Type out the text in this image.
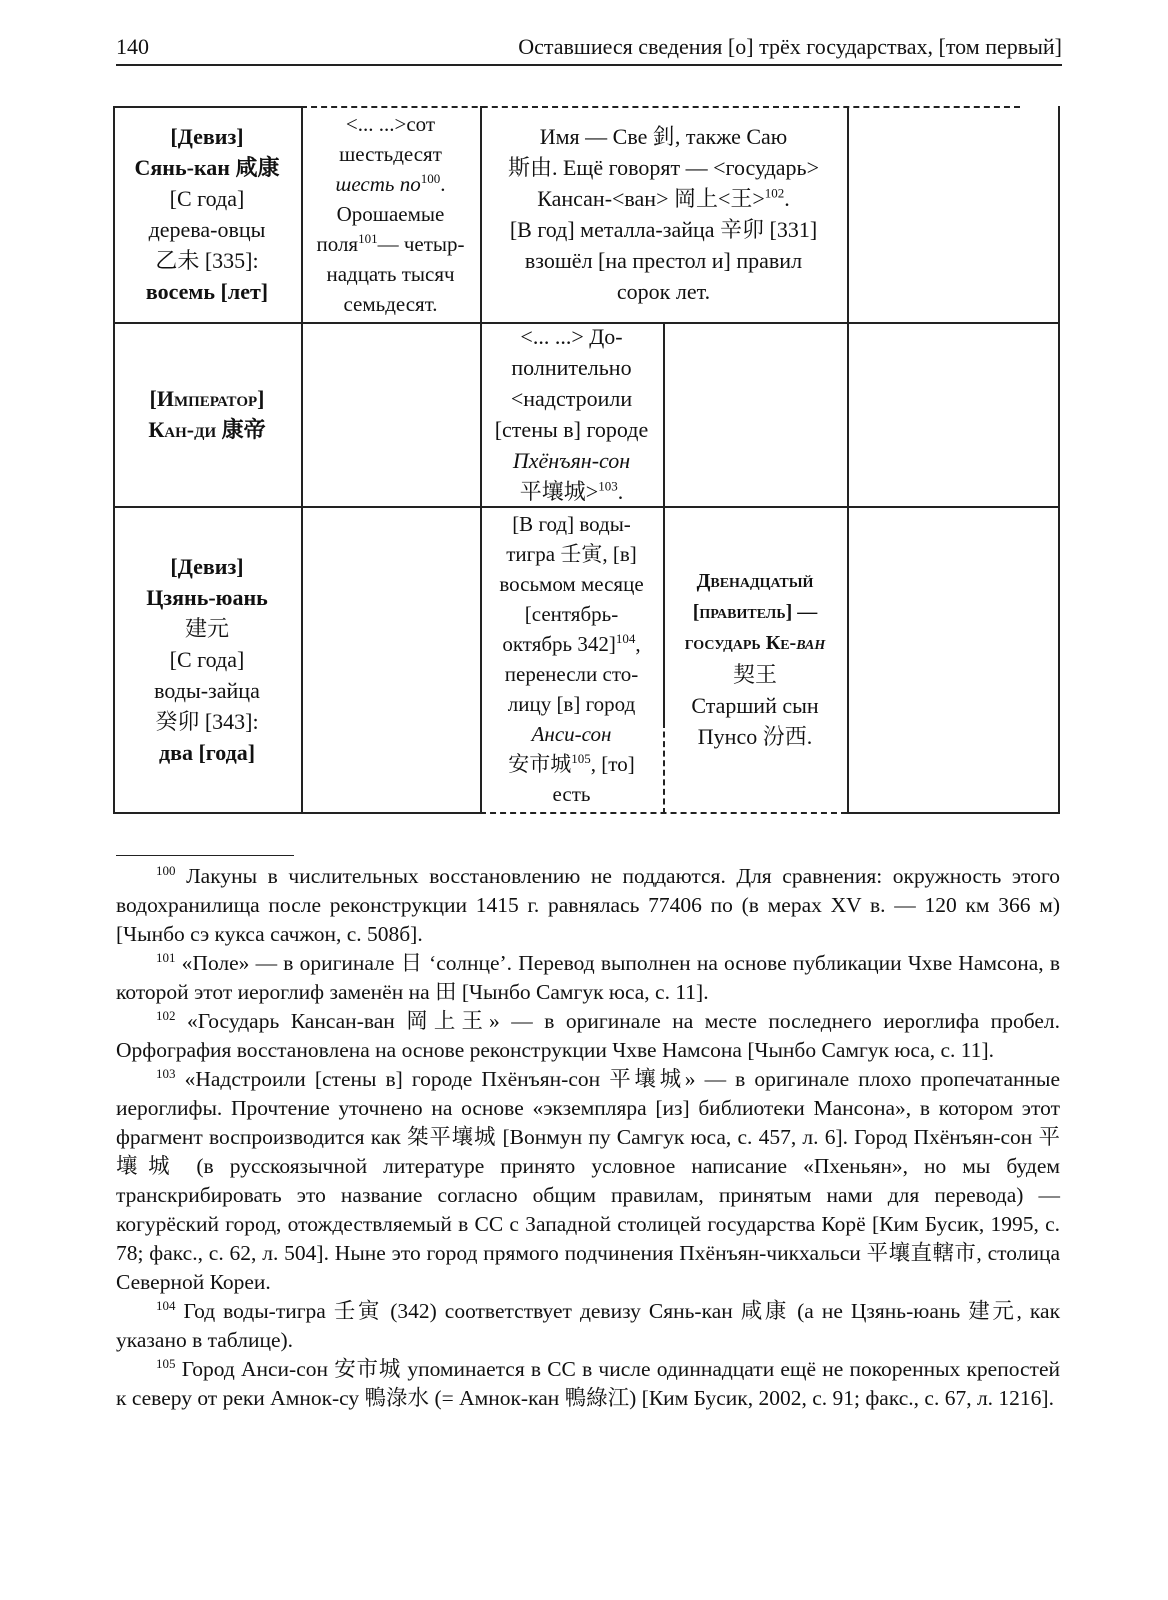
140	Оставшиеся сведения [о] трёх государствах, [том первый]
[Девиз]
Сянь-кан 咸康
[С года]
дерева-овцы
乙未 [335]:
восемь [лет]
<... ...>сот
шестьдесят
шесть $по^{100}$.
Орошаемые
поля$^{101}$— четыр-
надцать тысяч
семьдесят.
Имя — Све 釗, также Саю
斯由. Ещё говорят — <государь>
Кансан-<ван> 岡上<王>$^{102}$.
[В год] металла-зайца 辛卯 [331]
взошёл [на престол и] правил
сорок лет.
[Император]
Кан-ди 康帝
<... ...> До-
полнительно
<надстроили
[стены в] городе
Пхёнъян-сон
平壤城>$^{103}$.
[Девиз]
Цзянь-юань
建元
[С года]
воды-зайца
癸卯 [343]:
два [года]
[В год] воды-
тигра 壬寅, [в]
восьмом месяце
[сентябрь-
октябрь 342]$^{104}$,
перенесли сто-
лицу [в] город
Анси-сон
安市城$^{105}$, [то]
есть
Двенадцатый
[правитель] —
государь Ке-ван
契王
Старший сын
Пунсо 汾西.

$^{100}$ Лакуны в числительных восстановлению не поддаются. Для сравнения: окружность этого водохранилища после реконструкции 1415 г. равнялась 77406 по (в мерах XV в. — 120 км 366 м) [Чынбо сэ кукса сачжон, с. 508б].

$^{101}$ «Поле» — в оригинале 日 ‘солнце’. Перевод выполнен на основе публикации Чхве Намсона, в которой этот иероглиф заменён на 田 [Чынбо Самгук юса, с. 11].

$^{102}$ «Государь Кансан-ван 岡上王» — в оригинале на месте последнего иероглифа пробел. Орфография восстановлена на основе реконструкции Чхве Намсона [Чынбо Самгук юса, с. 11].

$^{103}$ «Надстроили [стены в] городе Пхёнъян-сон 平壤城» — в оригинале плохо пропечатанные иероглифы. Прочтение уточнено на основе «экземпляра [из] библиотеки Мансона», в котором этот фрагмент воспроизводится как 桀平壤城 [Вонмун пу Самгук юса, с. 457, л. 6]. Город Пхёнъян-сон 平壤城 (в русскоязычной литературе принято условное написание «Пхеньян», но мы будем транскрибировать это название согласно общим правилам, принятым нами для перевода) — когурёский город, отождествляемый в СС с Западной столицей государства Корё [Ким Бусик, 1995, с. 78; факс., с. 62, л. 504]. Ныне это город прямого подчинения Пхёнъян-чикхальси 平壤直轄市, столица Северной Кореи.

$^{104}$ Год воды-тигра 壬寅 (342) соответствует девизу Сянь-кан 咸康 (а не Цзянь-юань 建元, как указано в таблице).

$^{105}$ Город Анси-сон 安市城 упоминается в СС в числе одиннадцати ещё не покоренных крепостей к северу от реки Амнок-су 鴨淥水 (= Амнок-кан 鴨綠江) [Ким Бусик, 2002, с. 91; факс., с. 67, л. 1216].
